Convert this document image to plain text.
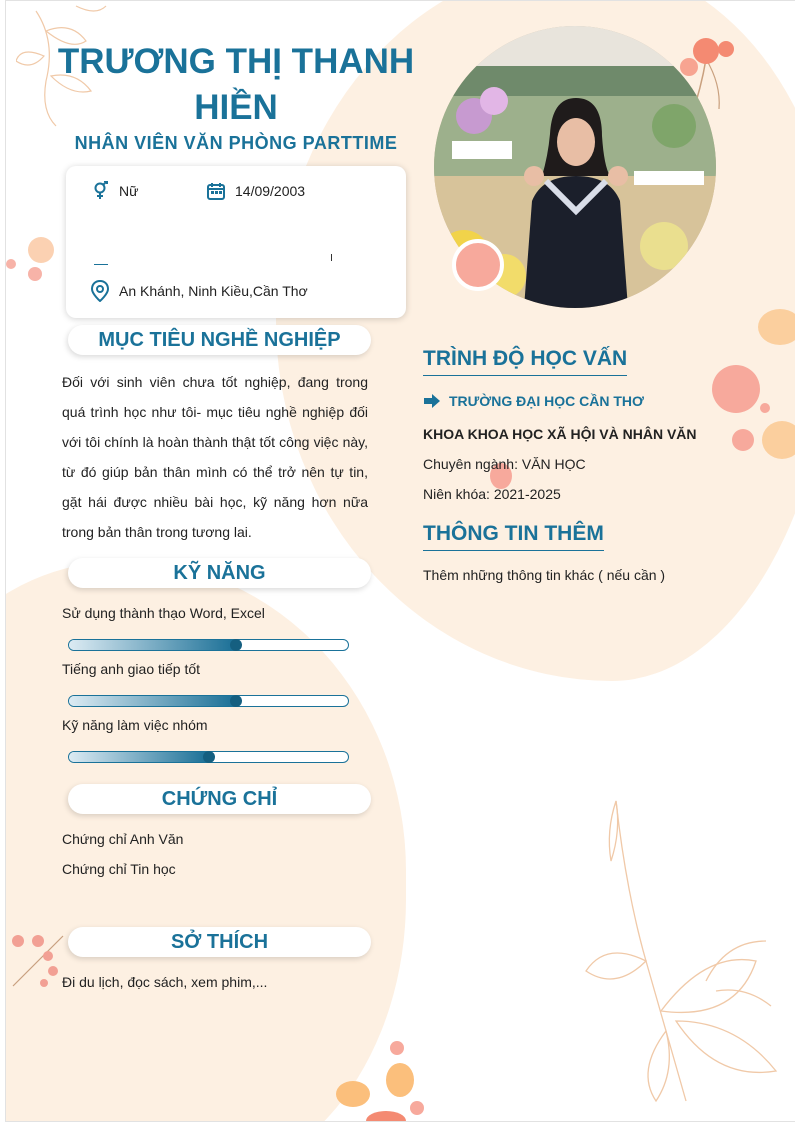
TRƯƠNG THỊ THANH HIỀN
NHÂN VIÊN VĂN PHÒNG PARTTIME
Nữ	14/09/2003
An Khánh, Ninh Kiều,Cần Thơ
MỤC TIÊU NGHỀ NGHIỆP
Đối với sinh viên chưa tốt nghiệp, đang trong quá trình học như tôi- mục tiêu nghề nghiệp đối với tôi chính là hoàn thành thật tốt công việc này, từ đó giúp bản thân mình có thể trở nên tự tin, gặt hái được nhiều bài học, kỹ năng hơn nữa trong bản thân trong tương lai.
KỸ NĂNG
CHỨNG CHỈ
Chứng chỉ Anh Văn
Chứng chỉ Tin học
SỞ THÍCH
Đi du lịch, đọc sách, xem phim,...
TRÌNH ĐỘ HỌC VẤN
TRƯỜNG ĐẠI HỌC CẦN THƠ
KHOA KHOA HỌC XÃ HỘI VÀ NHÂN VĂN
Chuyên ngành: VĂN HỌC
Niên khóa: 2021-2025
THÔNG TIN THÊM
Thêm những thông tin khác ( nếu cần )
Sử dụng thành thạo Word, Excel
Tiếng anh giao tiếp tốt
Kỹ năng làm việc nhóm
